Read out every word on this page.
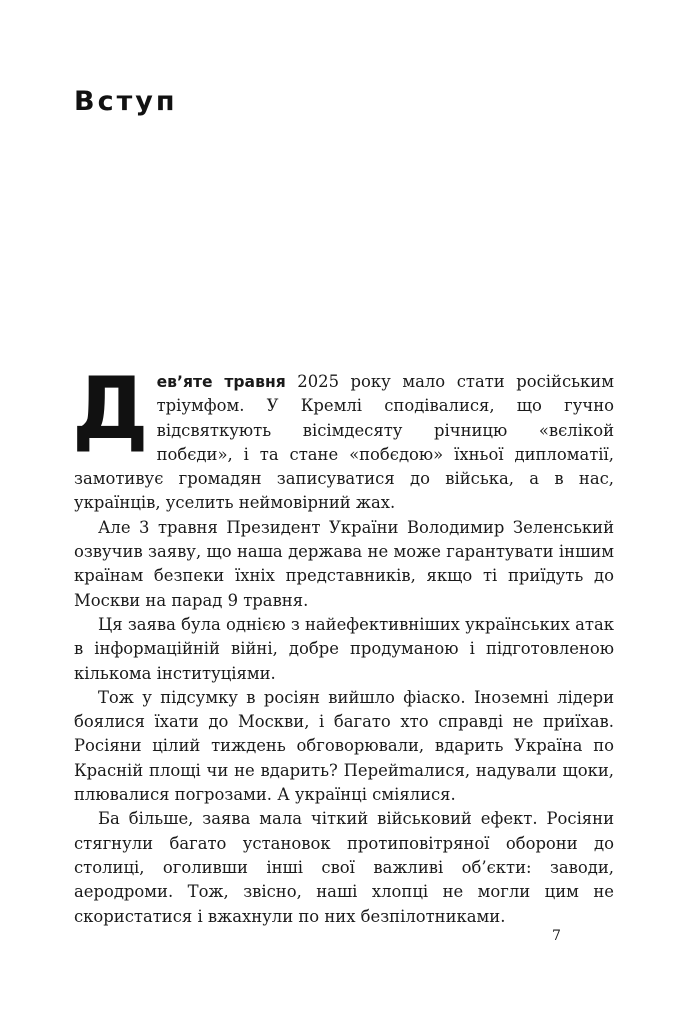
Вступ

Дев’яте травня 2025 року мало стати російським тріумфом. У Кремлі сподівалися, що гучно відсвяткують вісімдесяту річницю «вєлікой побєди», і та стане «побєдою» їхньої дипломатії, замотивує громадян записуватися до війська, а в нас, українців, уселить неймовірний жах.

Але 3 травня Президент України Володимир Зеленський озвучив заяву, що наша держава не може гарантувати іншим країнам безпеки їхніх представників, якщо ті приїдуть до Москви на парад 9 травня.

Ця заява була однією з найефективніших українських атак в інформаційній війні, добре продуманою і підготовленою кількома інституціями.

Тож у підсумку в росіян вийшло фіаско. Іноземні лідери боялися їхати до Москви, і багато хто справді не приїхав. Росіяни цілий тиждень обговорювали, вдарить Україна по Красній площі чи не вдарить? Перейmалися, надували щоки, плювалися погрозами. А українці сміялися.

Ба більше, заява мала чіткий військовий ефект. Росіяни стягнули багато установок протиповітряної оборони до столиці, оголивши інші свої важливі об’єкти: заводи, аеродроми. Тож, звісно, наші хлопці не могли цим не скористатися і вжахнули по них безпілотниками.

7
